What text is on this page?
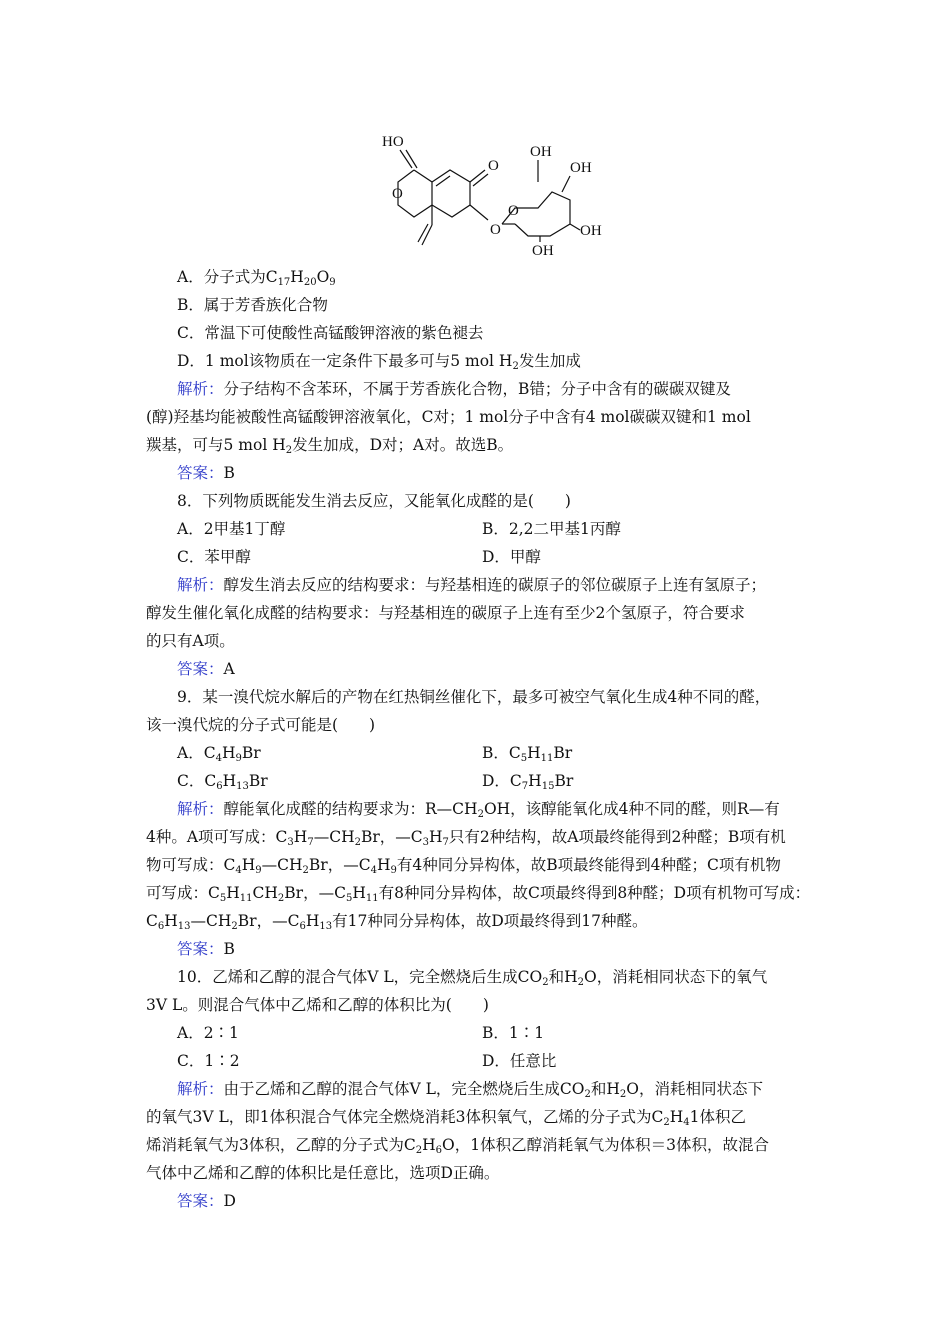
HO
O
O
O
O
OH
OH
OH
OH
A．分子式为$C_{17}H_{20}O_9$
B．属于芳香族化合物
C．常温下可使酸性高锰酸钾溶液的紫色褪去
D．1 mol该物质在一定条件下最多可与5 mol $H_2$发生加成
解析：分子结构不含苯环，不属于芳香族化合物，B错；分子中含有的碳碳双键及
(醇)羟基均能被酸性高锰酸钾溶液氧化，C对；1 mol分子中含有4 mol碳碳双键和1 mol
羰基，可与5 mol $H_2$发生加成，D对；A对。故选B。
答案：B
8．下列物质既能发生消去反应，又能氧化成醛的是(　　)
A．2甲基1丁醇	B．2,2二甲基1丙醇
C．苯甲醇	D．甲醇
解析：醇发生消去反应的结构要求：与羟基相连的碳原子的邻位碳原子上连有氢原子；
醇发生催化氧化成醛的结构要求：与羟基相连的碳原子上连有至少2个氢原子，符合要求
的只有A项。
答案：A
9．某一溴代烷水解后的产物在红热铜丝催化下，最多可被空气氧化生成4种不同的醛，
该一溴代烷的分子式可能是(　　)
A．$C_4H_9Br$	B．$C_5H_{11}Br$
C．$C_6H_{13}Br$	D．$C_7H_{15}Br$
解析：醇能氧化成醛的结构要求为：$R—CH_2OH$，该醇能氧化成4种不同的醛，则R—有
4种。A项可写成：$C_3H_7—CH_2Br$，$—C_3H_7$只有2种结构，故A项最终能得到2种醛；B项有机
物可写成：$C_4H_9—CH_2Br$，$—C_4H_9$有4种同分异构体，故B项最终能得到4种醛；C项有机物
可写成：$C_5H_{11}CH_2Br$，$—C_5H_{11}$有8种同分异构体，故C项最终得到8种醛；D项有机物可写成：
$C_6H_{13}—CH_2Br$，$—C_6H_{13}$有17种同分异构体，故D项最终得到17种醛。
答案：B
10．乙烯和乙醇的混合气体V L，完全燃烧后生成$CO_2$和$H_2O$，消耗相同状态下的氧气
3V L。则混合气体中乙烯和乙醇的体积比为(　　)
A．2∶1	B．1∶1
C．1∶2	D．任意比
解析：由于乙烯和乙醇的混合气体V L，完全燃烧后生成$CO_2$和$H_2O$，消耗相同状态下
的氧气3V L，即1体积混合气体完全燃烧消耗3体积氧气，乙烯的分子式为$C_2H_41$体积乙
烯消耗氧气为3体积，乙醇的分子式为$C_2H_6O$，1体积乙醇消耗氧气为体积＝3体积，故混合
气体中乙烯和乙醇的体积比是任意比，选项D正确。
答案：D
